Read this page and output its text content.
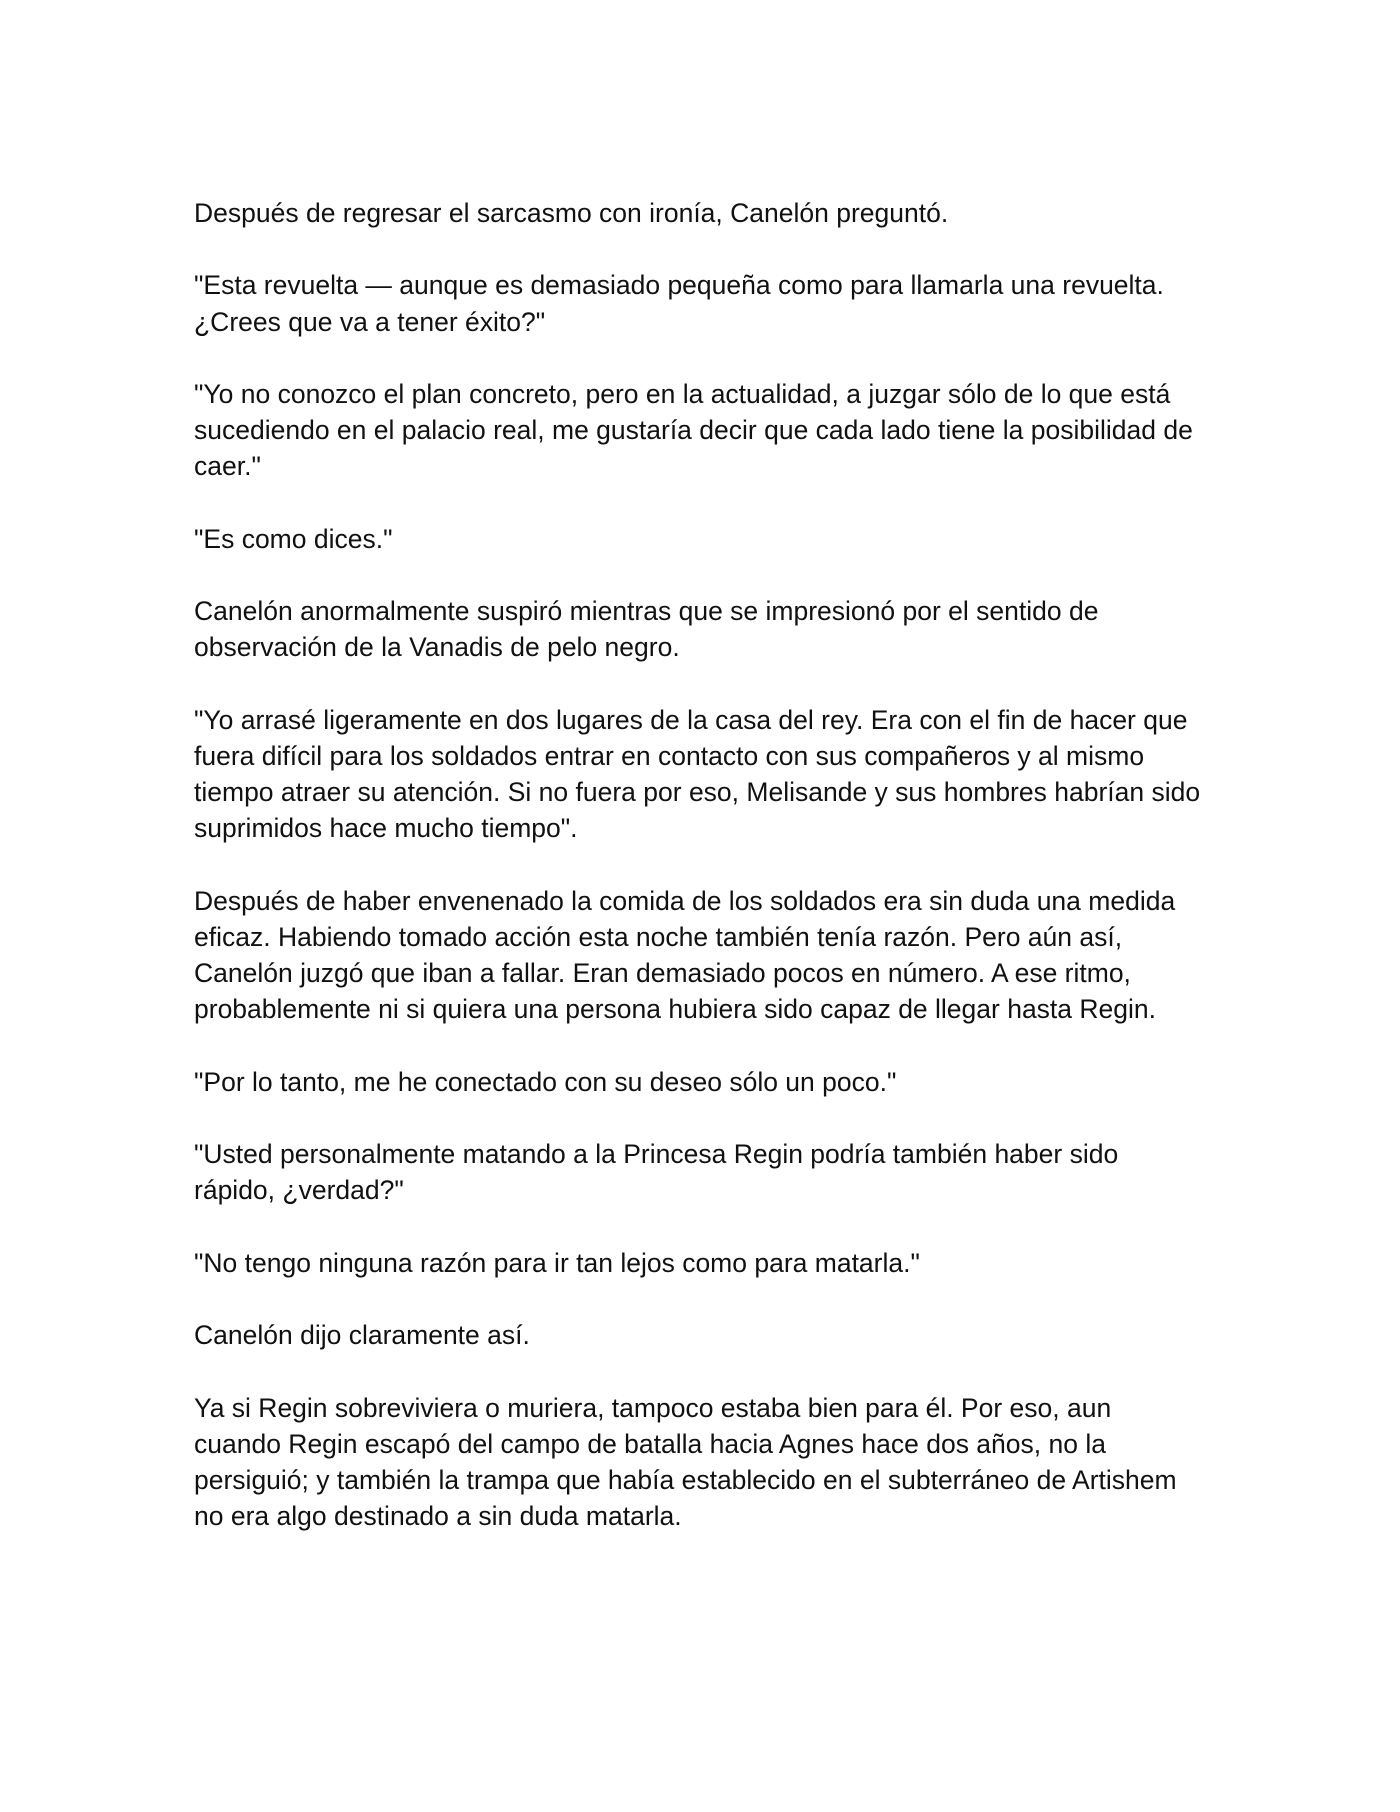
Después de regresar el sarcasmo con ironía, Canelón preguntó.

"Esta revuelta — aunque es demasiado pequeña como para llamarla una revuelta. ¿Crees que va a tener éxito?"

"Yo no conozco el plan concreto, pero en la actualidad, a juzgar sólo de lo que está sucediendo en el palacio real, me gustaría decir que cada lado tiene la posibilidad de caer."

"Es como dices."

Canelón anormalmente suspiró mientras que se impresionó por el sentido de observación de la Vanadis de pelo negro.

"Yo arrasé ligeramente en dos lugares de la casa del rey. Era con el fin de hacer que fuera difícil para los soldados entrar en contacto con sus compañeros y al mismo tiempo atraer su atención. Si no fuera por eso, Melisande y sus hombres habrían sido suprimidos hace mucho tiempo".

Después de haber envenenado la comida de los soldados era sin duda una medida eficaz. Habiendo tomado acción esta noche también tenía razón. Pero aún así, Canelón juzgó que iban a fallar. Eran demasiado pocos en número. A ese ritmo, probablemente ni si quiera una persona hubiera sido capaz de llegar hasta Regin.

"Por lo tanto, me he conectado con su deseo sólo un poco."

"Usted personalmente matando a la Princesa Regin podría también haber sido rápido, ¿verdad?"

"No tengo ninguna razón para ir tan lejos como para matarla."

Canelón dijo claramente así.

Ya si Regin sobreviviera o muriera, tampoco estaba bien para él. Por eso, aun cuando Regin escapó del campo de batalla hacia Agnes hace dos años, no la persiguió; y también la trampa que había establecido en el subterráneo de Artishem no era algo destinado a sin duda matarla.
